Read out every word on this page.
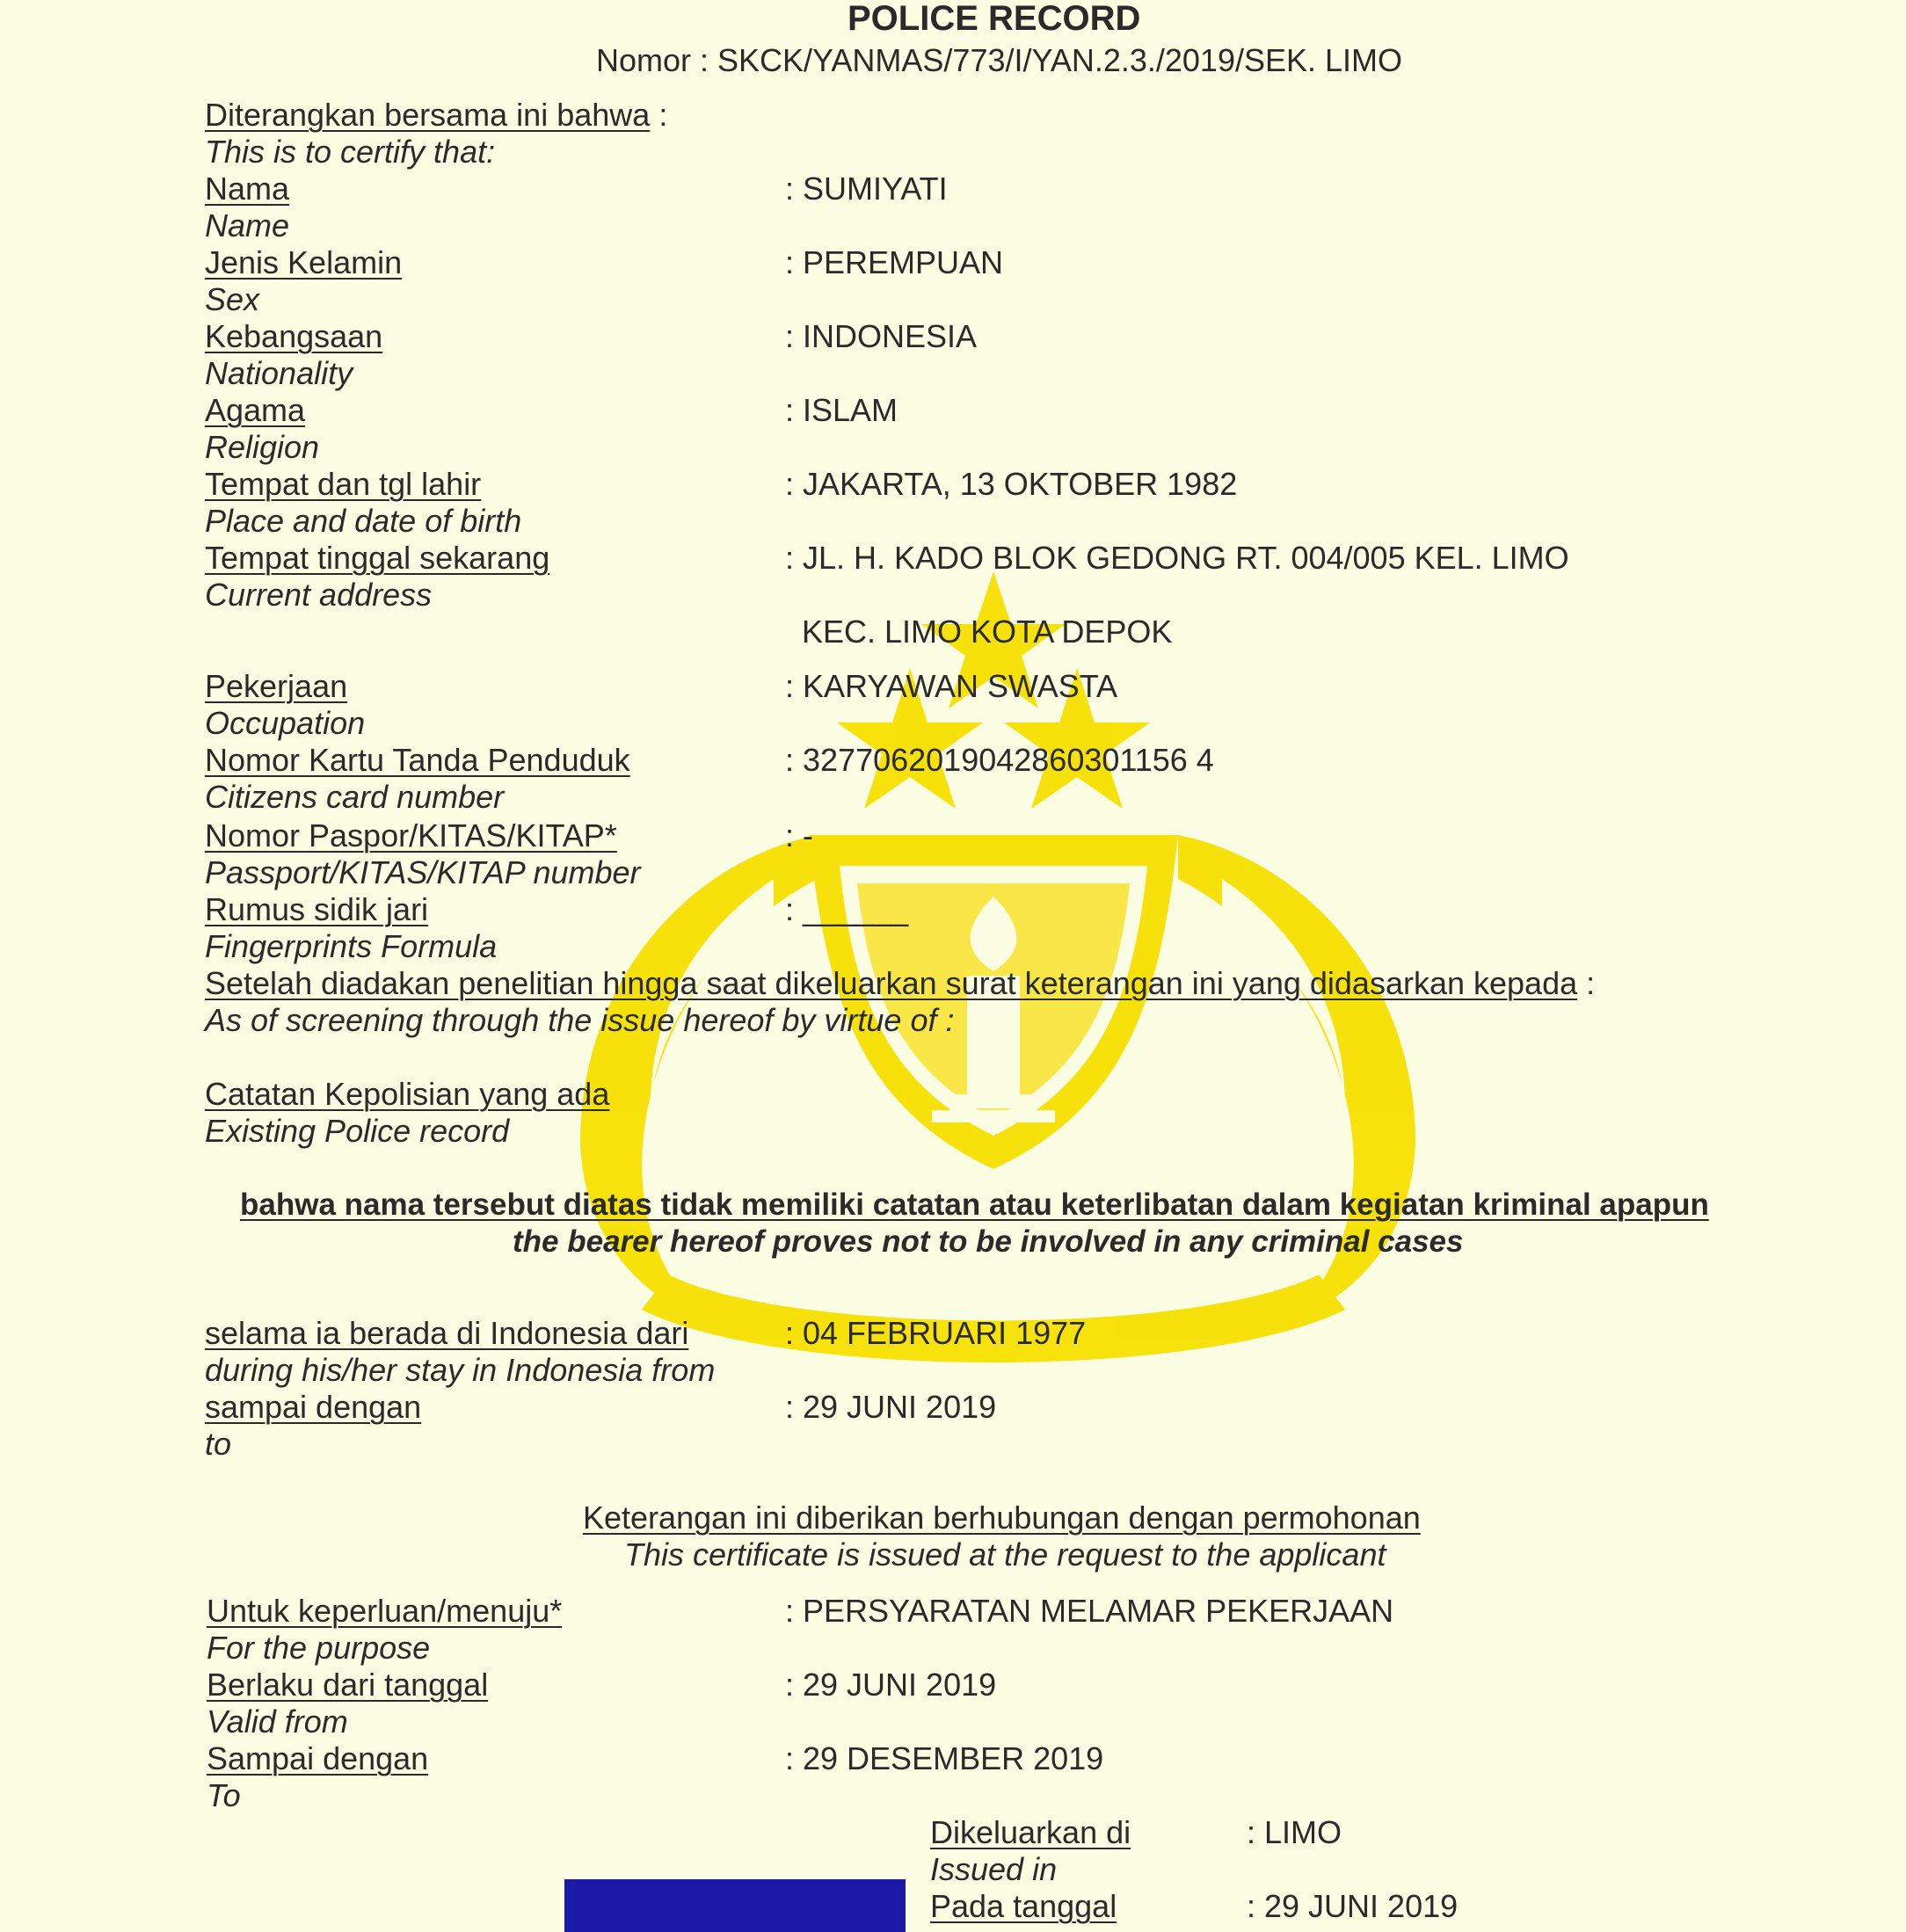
POLICE RECORD
Nomor : SKCK/YANMAS/773/I/YAN.2.3./2019/SEK. LIMO
Diterangkan bersama ini bahwa :
This is to certify that:
Nama
Name
: SUMIYATI
Jenis Kelamin
Sex
: PEREMPUAN
Kebangsaan
Nationality
: INDONESIA
Agama
Religion
: ISLAM
Tempat dan tgl lahir
Place and date of birth
: JAKARTA, 13 OKTOBER 1982
Tempat tinggal sekarang
Current address
: JL. H. KADO BLOK GEDONG RT. 004/005 KEL. LIMO
KEC. LIMO KOTA DEPOK
Pekerjaan
Occupation
: KARYAWAN SWASTA
Nomor Kartu Tanda Penduduk
Citizens card number
: 3277062019042860301156 4
Nomor Paspor/KITAS/KITAP*
Passport/KITAS/KITAP number
: -
Rumus sidik jari
Fingerprints Formula
: ______
Setelah diadakan penelitian hingga saat dikeluarkan surat keterangan ini yang didasarkan kepada :
As of screening through the issue hereof by virtue of :
Catatan Kepolisian yang ada
Existing Police record
bahwa nama tersebut diatas tidak memiliki catatan atau keterlibatan dalam kegiatan kriminal apapun
the bearer hereof proves not to be involved in any criminal cases
selama ia berada di Indonesia dari
during his/her stay in Indonesia from
: 04 FEBRUARI 1977
sampai dengan
to
: 29 JUNI 2019
Keterangan ini diberikan berhubungan dengan permohonan
This certificate is issued at the request to the applicant
Untuk keperluan/menuju*
For the purpose
: PERSYARATAN MELAMAR PEKERJAAN
Berlaku dari tanggal
Valid from
: 29 JUNI 2019
Sampai dengan
To
: 29 DESEMBER 2019
Dikeluarkan di
Issued in
: LIMO
Pada tanggal	: 29 JUNI 2019
